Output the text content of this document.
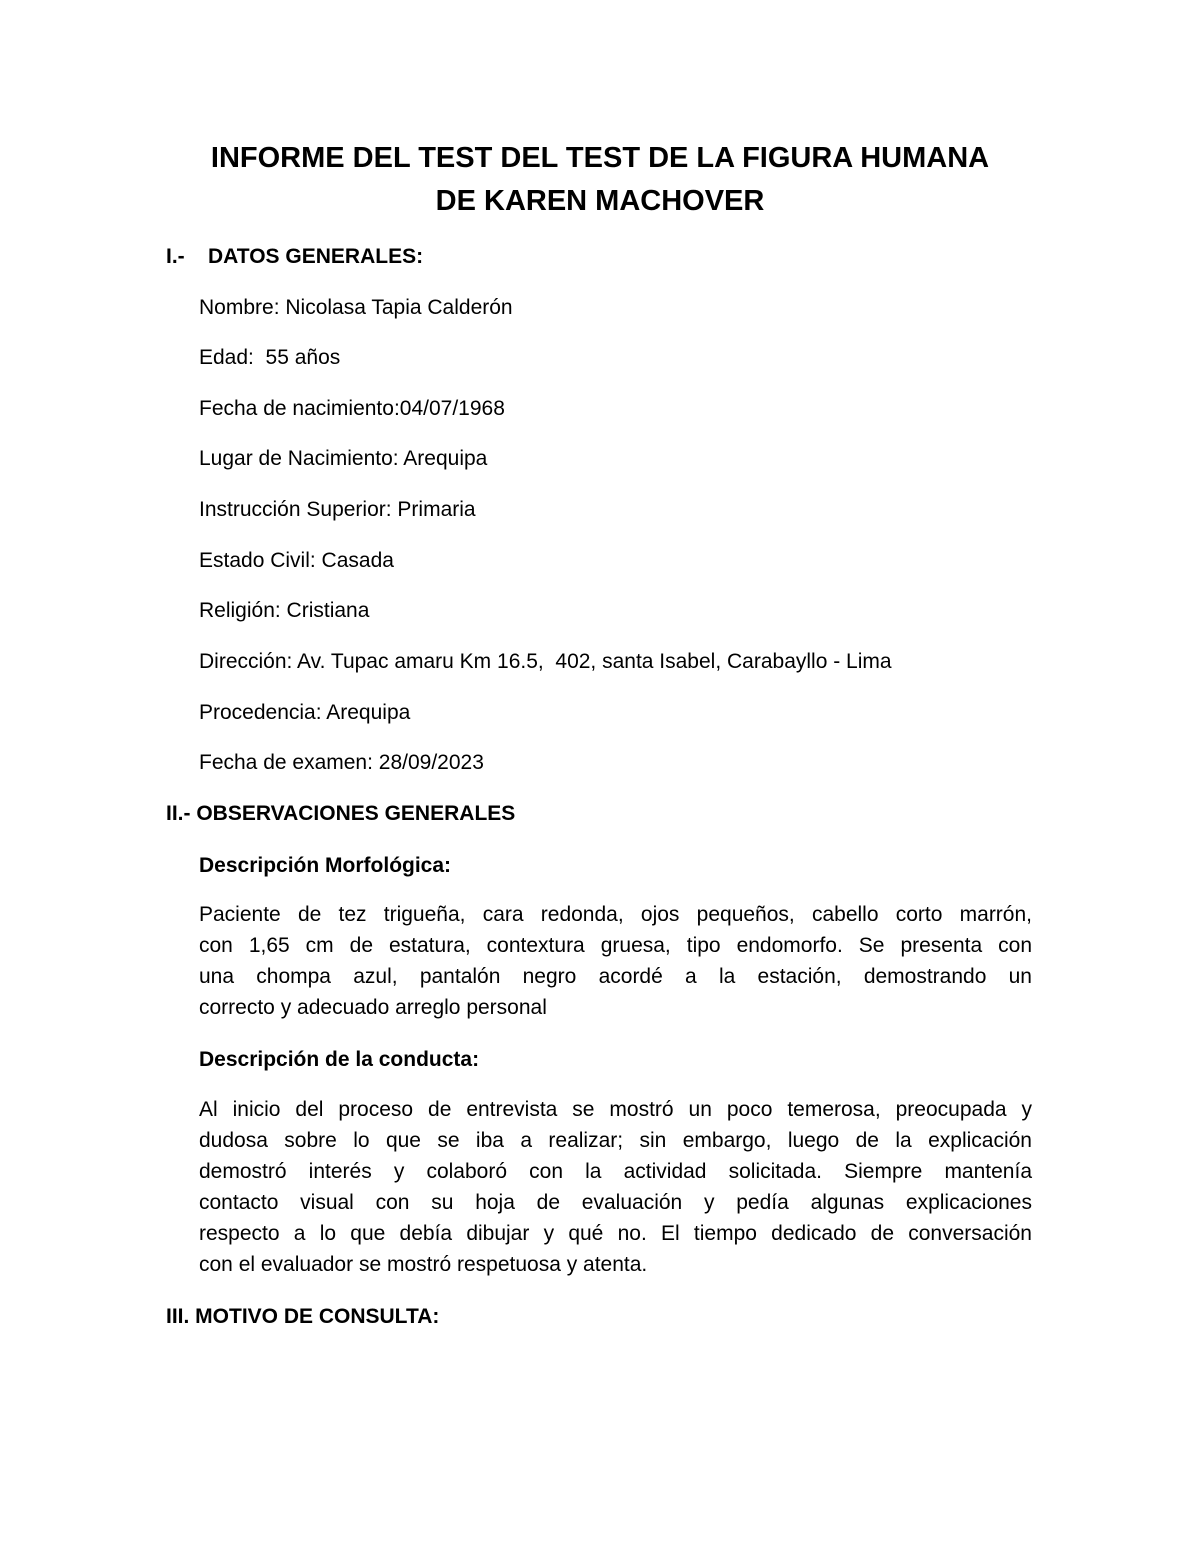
INFORME DEL TEST DEL TEST DE LA FIGURA HUMANA
DE KAREN MACHOVER
I.- DATOS GENERALES:

Nombre: Nicolasa Tapia Calderón

Edad:  55 años

Fecha de nacimiento:04/07/1968

Lugar de Nacimiento: Arequipa

Instrucción Superior: Primaria

Estado Civil: Casada

Religión: Cristiana

Dirección: Av. Tupac amaru Km 16.5,  402, santa Isabel, Carabayllo - Lima

Procedencia: Arequipa

Fecha de examen: 28/09/2023

II.- OBSERVACIONES GENERALES
Descripción Morfológica:
Paciente de tez trigueña, cara redonda, ojos pequeños, cabello corto marrón,
con 1,65 cm de estatura, contextura gruesa, tipo endomorfo. Se presenta con
una chompa azul, pantalón negro acordé a la estación, demostrando un
correcto y adecuado arreglo personal
Descripción de la conducta:
Al inicio del proceso de entrevista se mostró un poco temerosa, preocupada y
dudosa sobre lo que se iba a realizar; sin embargo, luego de la explicación
demostró interés y colaboró con la actividad solicitada. Siempre mantenía
contacto visual con su hoja de evaluación y pedía algunas explicaciones
respecto a lo que debía dibujar y qué no. El tiempo dedicado de conversación
con el evaluador se mostró respetuosa y atenta.
III. MOTIVO DE CONSULTA:
